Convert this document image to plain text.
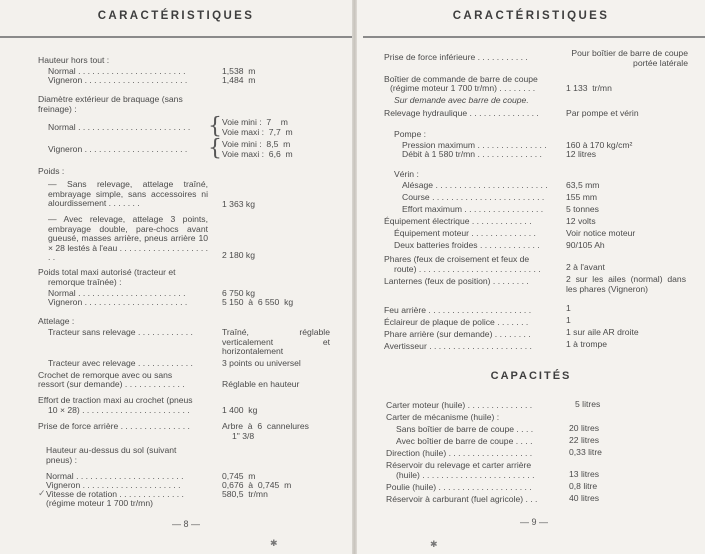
CARACTÉRISTIQUES
Hauteur hors tout :
Normal . . . . . . . . . . . . . . . . . . . . . . .	1,538  m
Vigneron . . . . . . . . . . . . . . . . . . . . . .	1,484  m
Diamètre extérieur de braquage (sans
freinage) :
Normal . . . . . . . . . . . . . . . . . . . . . . . . { Voie mini :  7    m
Voie maxi :  7,7  m
Vigneron . . . . . . . . . . . . . . . . . . . . . . { Voie mini :  8,5  m
Voie maxi :  6,6  m
Poids :
— Sans relevage, attelage traîné, embrayage simple, sans accessoires ni alourdissement . . . . . . .	1 363 kg
— Avec relevage, attelage 3 points, embrayage double, pare-chocs avant gueusé, masses arrière, pneus arrière 10 × 28 lestés à l'eau . . . . . . . . . . . . . . . . . . . . .	2 180 kg
Poids total maxi autorisé (tracteur et
remorque traînée) :
Normal . . . . . . . . . . . . . . . . . . . . . . .	6 750 kg
Vigneron . . . . . . . . . . . . . . . . . . . . . .	5 150  à  6 550  kg
Attelage :
Tracteur sans relevage . . . . . . . . . . . .	Traîné, réglable verticalement et horizontalement
Tracteur avec relevage . . . . . . . . . . . .	3 points ou universel
Crochet de remorque avec ou sans
ressort (sur demande) . . . . . . . . . . . . .	Réglable en hauteur
Effort de traction maxi au crochet (pneus
10 × 28) . . . . . . . . . . . . . . . . . . . . . . .	1 400  kg
Prise de force arrière . . . . . . . . . . . . . . .	Arbre  à  6  cannelures
1" 3/8
Hauteur au-dessus du sol (suivant
pneus) :
Normal . . . . . . . . . . . . . . . . . . . . . . .	0,745  m
Vigneron . . . . . . . . . . . . . . . . . . . . .	0,676  à  0,745  m
✓ Vitesse de rotation . . . . . . . . . . . . . .	580,5  tr/mn
(régime moteur 1 700 tr/mn)
— 8 —
✱
CARACTÉRISTIQUES
Prise de force inférieure . . . . . . . . . . .	Pour boîtier de barre de coupe portée latérale
Boîtier de commande de barre de coupe
(régime moteur 1 700 tr/mn) . . . . . . . .	1 133  tr/mn
Sur demande avec barre de coupe.
Relevage hydraulique . . . . . . . . . . . . . . .	Par pompe et vérin
Pompe :
Pression maximum . . . . . . . . . . . . . . . 160 à 170 kg/cm²
Débit à 1 580 tr/mn . . . . . . . . . . . . . .	12 litres
Vérin :
Alésage . . . . . . . . . . . . . . . . . . . . . . . . 63,5 mm
Course . . . . . . . . . . . . . . . . . . . . . . . .	155 mm
Effort maximum . . . . . . . . . . . . . . . . .	5 tonnes
Équipement électrique . . . . . . . . . . . . .	12 volts
Équipement moteur . . . . . . . . . . . . . .	Voir notice moteur
Deux batteries froides . . . . . . . . . . . . .	90/105 Ah
Phares (feux de croisement et feux de
route) . . . . . . . . . . . . . . . . . . . . . . . . . .	2 à l'avant
Lanternes (feux de position) . . . . . . . .	2 sur les ailes (normal) dans les phares (Vigneron)
Feu arrière . . . . . . . . . . . . . . . . . . . . . .	1
Éclaireur de plaque de police . . . . . . .	1
Phare arrière (sur demande) . . . . . . . .	1 sur aile AR droite
Avertisseur . . . . . . . . . . . . . . . . . . . . . .	1 à trompe
CAPACITÉS
Carter moteur (huile) . . . . . . . . . . . . . .	5 litres
Carter de mécanisme (huile) :
Sans boîtier de barre de coupe . . . .	20 litres
Avec boîtier de barre de coupe . . . .	22 litres
Direction (huile) . . . . . . . . . . . . . . . . . .	0,33 litre
Réservoir du relevage et carter arrière
(huile) . . . . . . . . . . . . . . . . . . . . . . . .	13 litres
Poulie (huile) . . . . . . . . . . . . . . . . . . . .	0,8 litre
Réservoir à carburant (fuel agricole) . . .	40 litres
— 9 —
✱
